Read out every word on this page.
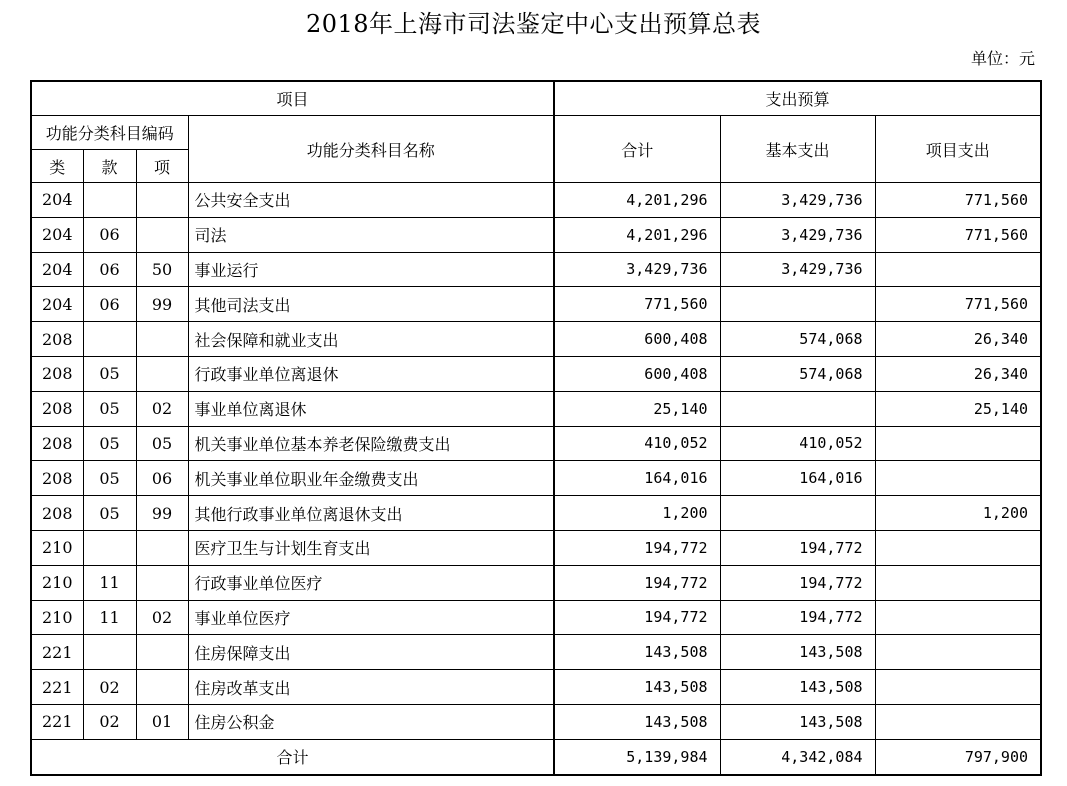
2018年上海市司法鉴定中心支出预算总表
单位：元
项目				支出预算		
功能分类科目编码			功能分类科目名称	合计	基本支出	项目支出
类	款	项				
204			公共安全支出	4,201,296	3,429,736	771,560
204	06		司法	4,201,296	3,429,736	771,560
204	06	50	事业运行	3,429,736	3,429,736	
204	06	99	其他司法支出	771,560		771,560
208			社会保障和就业支出	600,408	574,068	26,340
208	05		行政事业单位离退休	600,408	574,068	26,340
208	05	02	事业单位离退休	25,140		25,140
208	05	05	机关事业单位基本养老保险缴费支出	410,052	410,052	
208	05	06	机关事业单位职业年金缴费支出	164,016	164,016	
208	05	99	其他行政事业单位离退休支出	1,200		1,200
210			医疗卫生与计划生育支出	194,772	194,772	
210	11		行政事业单位医疗	194,772	194,772	
210	11	02	事业单位医疗	194,772	194,772	
221			住房保障支出	143,508	143,508	
221	02		住房改革支出	143,508	143,508	
221	02	01	住房公积金	143,508	143,508	
合计				5,139,984	4,342,084	797,900
